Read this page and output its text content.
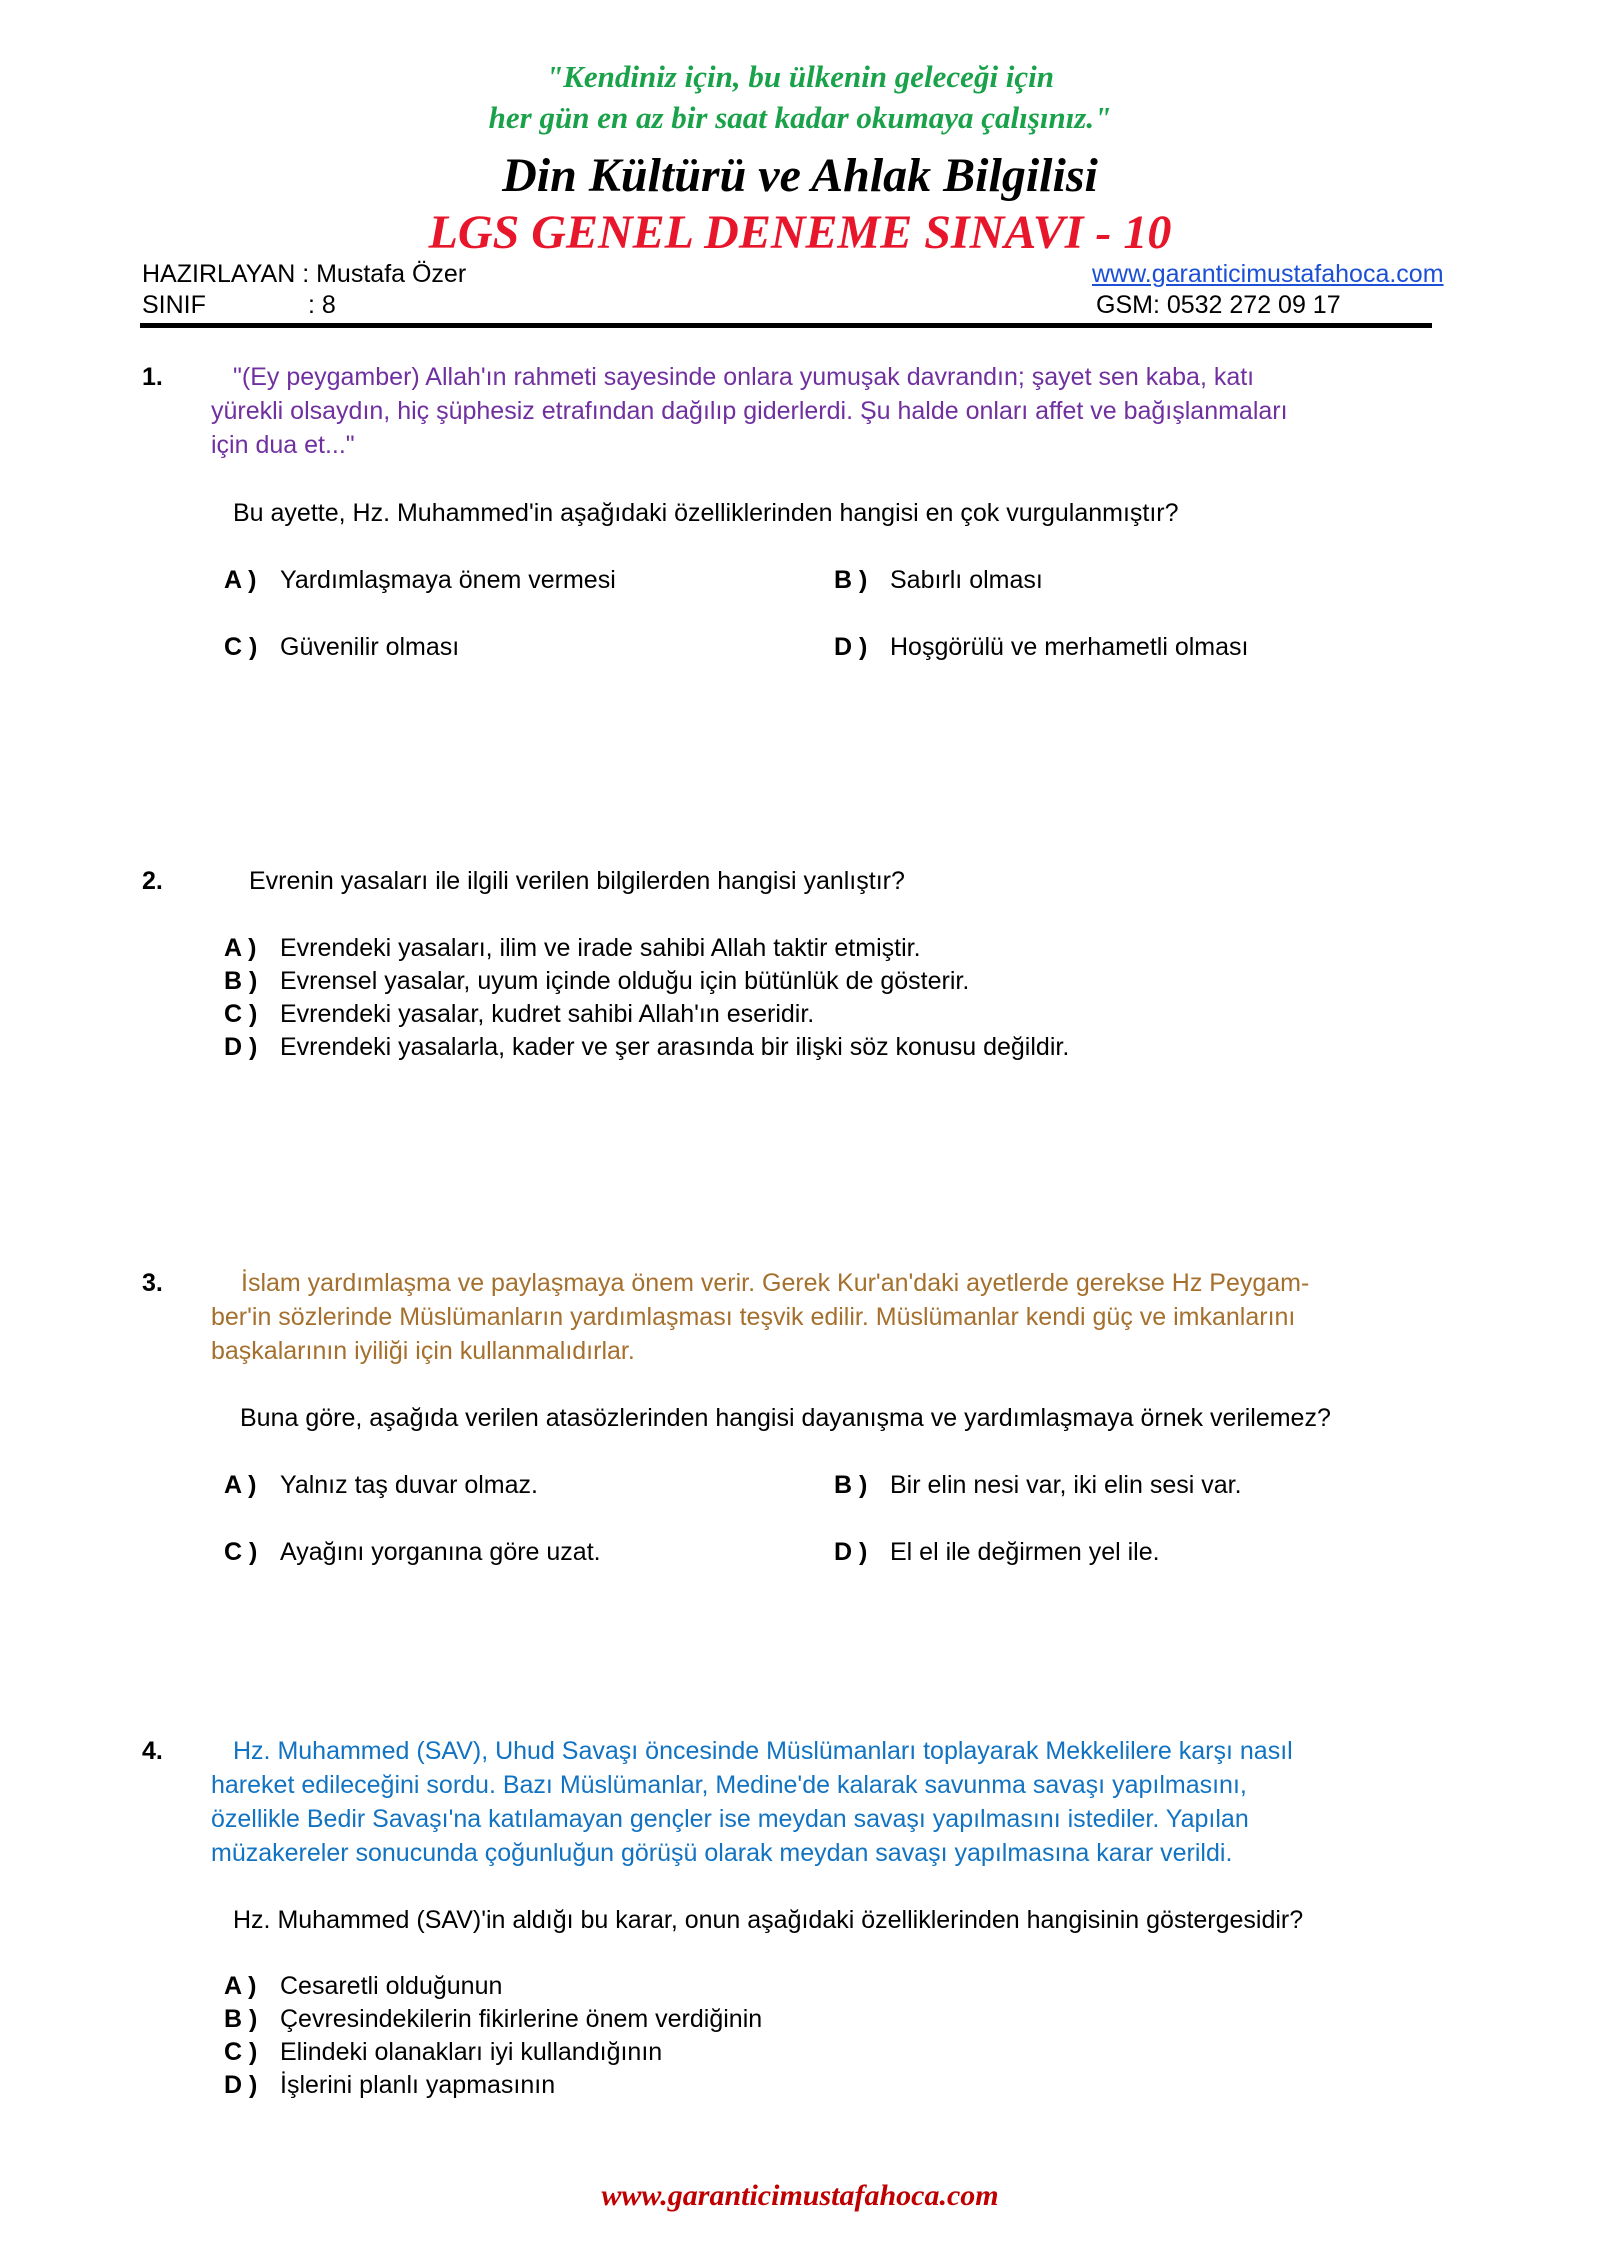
"Kendiniz için, bu ülkenin geleceği için
her gün en az bir saat kadar okumaya çalışınız."
Din Kültürü ve Ahlak Bilgilisi
LGS GENEL DENEME SINAVI - 10
HAZIRLAYAN : Mustafa Özer	www.garanticimustafahoca.com
SINIF	: 8	GSM: 0532 272 09 17
1.	"(Ey peygamber) Allah'ın rahmeti sayesinde onlara yumuşak davrandın; şayet sen kaba, katı
yürekli olsaydın, hiç şüphesiz etrafından dağılıp giderlerdi. Şu halde onları affet ve bağışlanmaları
için dua et..."
Bu ayette, Hz. Muhammed'in aşağıdaki özelliklerinden hangisi en çok vurgulanmıştır?
A ) Yardımlaşmaya önem vermesi	B ) Sabırlı olması
C ) Güvenilir olması	D ) Hoşgörülü ve merhametli olması
2.	Evrenin yasaları ile ilgili verilen bilgilerden hangisi yanlıştır?
A ) Evrendeki yasaları, ilim ve irade sahibi Allah taktir etmiştir.
B ) Evrensel yasalar, uyum içinde olduğu için bütünlük de gösterir.
C ) Evrendeki yasalar, kudret sahibi Allah'ın eseridir.
D ) Evrendeki yasalarla, kader ve şer arasında bir ilişki söz konusu değildir.
3.	İslam yardımlaşma ve paylaşmaya önem verir. Gerek Kur'an'daki ayetlerde gerekse Hz Peygam-
ber'in sözlerinde Müslümanların yardımlaşması teşvik edilir. Müslümanlar kendi güç ve imkanlarını
başkalarının iyiliği için kullanmalıdırlar.
Buna göre, aşağıda verilen atasözlerinden hangisi dayanışma ve yardımlaşmaya örnek verilemez?
A ) Yalnız taş duvar olmaz.	B ) Bir elin nesi var, iki elin sesi var.
C ) Ayağını yorganına göre uzat.	D ) El el ile değirmen yel ile.
4.	Hz. Muhammed (SAV), Uhud Savaşı öncesinde Müslümanları toplayarak Mekkelilere karşı nasıl
hareket edileceğini sordu. Bazı Müslümanlar, Medine'de kalarak savunma savaşı yapılmasını,
özellikle Bedir Savaşı'na katılamayan gençler ise meydan savaşı yapılmasını istediler. Yapılan
müzakereler sonucunda çoğunluğun görüşü olarak meydan savaşı yapılmasına karar verildi.
Hz. Muhammed (SAV)'in aldığı bu karar, onun aşağıdaki özelliklerinden hangisinin göstergesidir?
A ) Cesaretli olduğunun
B ) Çevresindekilerin fikirlerine önem verdiğinin
C ) Elindeki olanakları iyi kullandığının
D ) İşlerini planlı yapmasının
www.garanticimustafahoca.com
